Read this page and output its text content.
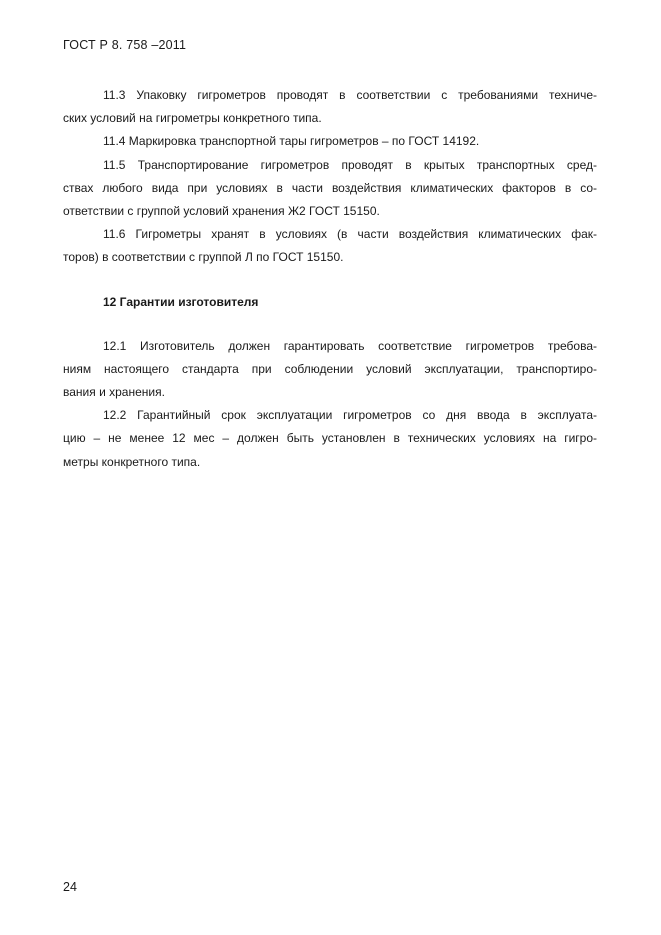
ГОСТ Р 8. 758 –2011
11.3 Упаковку гигрометров проводят в соответствии с требованиями техниче-
ских условий на гигрометры конкретного типа.
11.4 Маркировка транспортной тары гигрометров – по ГОСТ 14192.
11.5 Транспортирование гигрометров проводят в крытых транспортных сред-
ствах любого вида при условиях в части воздействия климатических факторов в со-
ответствии с группой условий хранения Ж2 ГОСТ 15150.
11.6 Гигрометры хранят в условиях (в части воздействия климатических фак-
торов) в соответствии с группой Л по ГОСТ 15150.
12 Гарантии изготовителя
12.1 Изготовитель должен гарантировать соответствие гигрометров требова-
ниям настоящего стандарта при соблюдении условий эксплуатации, транспортиро-
вания и хранения.
12.2 Гарантийный срок эксплуатации гигрометров со дня ввода в эксплуата-
цию – не менее 12 мес – должен быть установлен в технических условиях на гигро-
метры конкретного типа.
24
